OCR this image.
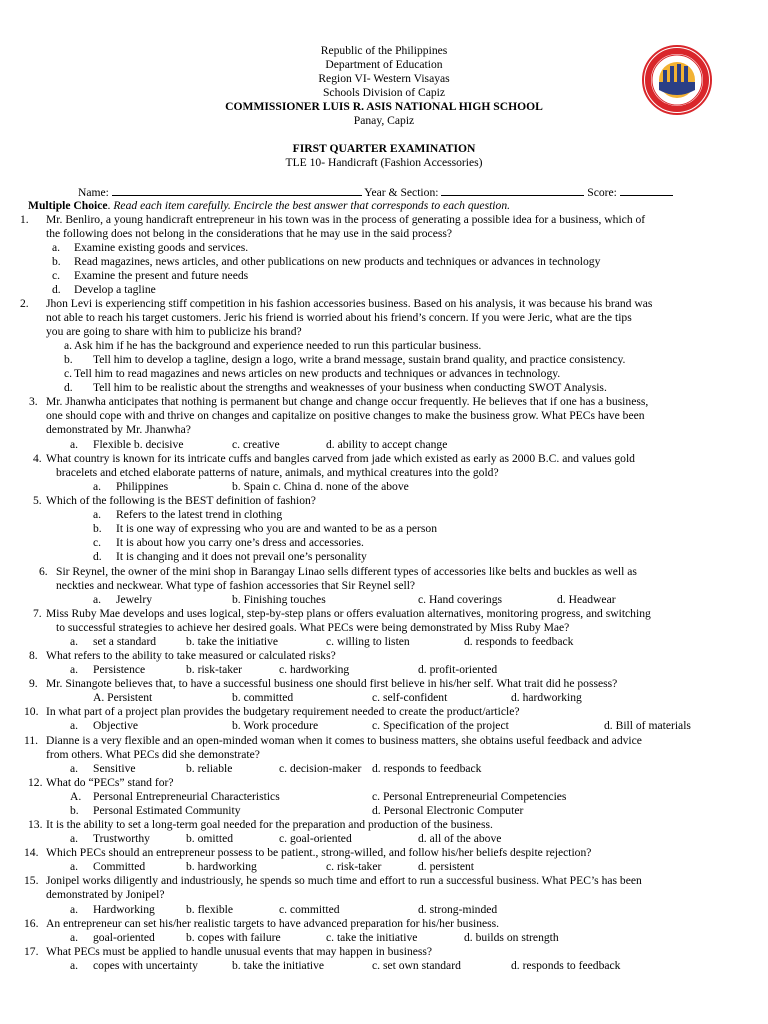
Republic of the Philippines
Department of Education
Region VI- Western Visayas
Schools Division of Capiz
COMMISSIONER LUIS R. ASIS NATIONAL HIGH SCHOOL
Panay, Capiz
FIRST QUARTER EXAMINATION
TLE 10- Handicraft (Fashion Accessories)
Name:	Year & Section:	Score:
Multiple Choice. Read each item carefully. Encircle the best answer that corresponds to each question.
1. Mr. Benliro, a young handicraft entrepreneur in his town was in the process of generating a possible idea for a business, which of
the following does not belong in the considerations that he may use in the said process?
a. Examine existing goods and services.
b. Read magazines, news articles, and other publications on new products and techniques or advances in technology
c. Examine the present and future needs
d. Develop a tagline
2. Jhon Levi is experiencing stiff competition in his fashion accessories business. Based on his analysis, it was because his brand was
not able to reach his target customers. Jeric his friend is worried about his friend’s concern. If you were Jeric, what are the tips
you are going to share with him to publicize his brand?
a. Ask him if he has the background and experience needed to run this particular business.
b. Tell him to develop a tagline, design a logo, write a brand message, sustain brand quality, and practice consistency.
c. Tell him to read magazines and news articles on new products and techniques or advances in technology.
d. Tell him to be realistic about the strengths and weaknesses of your business when conducting SWOT Analysis.
3. Mr. Jhanwha anticipates that nothing is permanent but change and change occur frequently. He believes that if one has a business,
one should cope with and thrive on changes and capitalize on positive changes to make the business grow. What PECs have been
demonstrated by Mr. Jhanwha?
a. Flexible b. decisive	c. creative	d. ability to accept change
4. What country is known for its intricate cuffs and bangles carved from jade which existed as early as 2000 B.C. and values gold
bracelets and etched elaborate patterns of nature, animals, and mythical creatures into the gold?
a. Philippines	b. Spain c. China d. none of the above
5. Which of the following is the BEST definition of fashion?
a. Refers to the latest trend in clothing
b. It is one way of expressing who you are and wanted to be as a person
c. It is about how you carry one’s dress and accessories.
d. It is changing and it does not prevail one’s personality
6. Sir Reynel, the owner of the mini shop in Barangay Linao sells different types of accessories like belts and buckles as well as
neckties and neckwear. What type of fashion accessories that Sir Reynel sell?
a. Jewelry	b. Finishing touches	c. Hand coverings	d. Headwear
7. Miss Ruby Mae develops and uses logical, step-by-step plans or offers evaluation alternatives, monitoring progress, and switching
to successful strategies to achieve her desired goals. What PECs were being demonstrated by Miss Ruby Mae?
a. set a standard	b. take the initiative	c. willing to listen	d. responds to feedback
8. What refers to the ability to take measured or calculated risks?
a. Persistence	b. risk-taker	c. hardworking	d. profit-oriented
9. Mr. Sinangote believes that, to have a successful business one should first believe in his/her self. What trait did he possess?
A. Persistent	b. committed	c. self-confident	d. hardworking
10. In what part of a project plan provides the budgetary requirement needed to create the product/article?
a. Objective	b. Work procedure	c. Specification of the project	d. Bill of materials
11. Dianne is a very flexible and an open-minded woman when it comes to business matters, she obtains useful feedback and advice
from others. What PECs did she demonstrate?
a. Sensitive	b. reliable	c. decision-maker d. responds to feedback
12. What do “PECs” stand for?
A. Personal Entrepreneurial Characteristics	c. Personal Entrepreneurial Competencies
b. Personal Estimated Community	d. Personal Electronic Computer
13. It is the ability to set a long-term goal needed for the preparation and production of the business.
a. Trustworthy	b. omitted	c. goal-oriented	d. all of the above
14. Which PECs should an entrepreneur possess to be patient., strong-willed, and follow his/her beliefs despite rejection?
a. Committed	b. hardworking	c. risk-taker	d. persistent
15. Jonipel works diligently and industriously, he spends so much time and effort to run a successful business. What PEC’s has been
demonstrated by Jonipel?
a. Hardworking	b. flexible	c. committed	d. strong-minded
16. An entrepreneur can set his/her realistic targets to have advanced preparation for his/her business.
a. goal-oriented	b. copes with failure	c. take the initiative	d. builds on strength
17. What PECs must be applied to handle unusual events that may happen in business?
a. copes with uncertainty	b. take the initiative	c. set own standard	d. responds to feedback
